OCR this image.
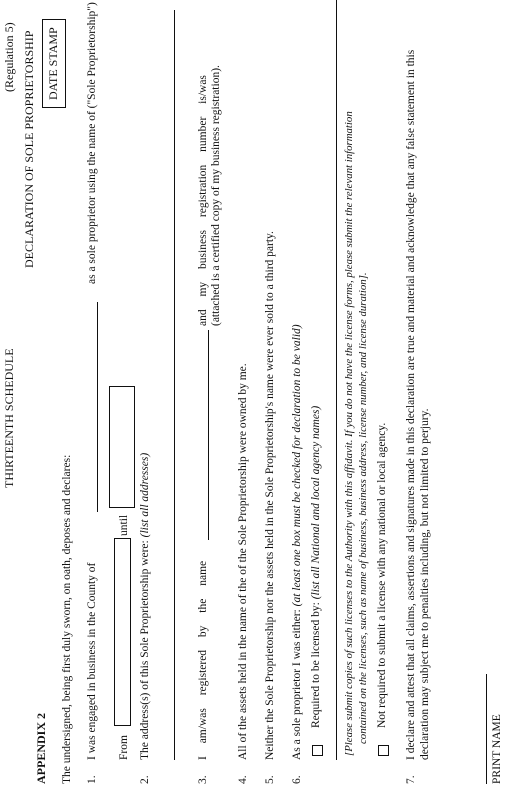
THIRTEENTH SCHEDULE
(Regulation 5) DECLARATION OF SOLE PROPRIETORSHIP DATE STAMP
APPENDIX 2 The undersigned, being first duly sworn, on oath, deposes and declares: 1.
I was engaged in business in the County of
as a sole proprietor using the name of ("Sole Proprietorship")
From
until
2.
The address(s) of this Sole Proprietorship were: (list all addresses)
3.
I am/was registered by the name
and my business registration number is/was (attached is a certified copy of my business registration).
4.
All of the assets held in the name of the of the Sole Proprietorship were owned by me.
5.
Neither the Sole Proprietorship nor the assets held in the Sole Proprietorship's name were ever sold to a third party.
6.
As a sole proprietor I was either: (at least one box must be checked for declaration to be valid)
Required to be licensed by: (list all National and local agency names) [Please submit copies of such licenses to the Authority with this affidavit. If you do not have the license forms, please submit the relevant information contained on the licenses, such as name of business, business address, license number, and license duration]. Not required to submit a license with any national or local agency.
7.
I declare and attest that all claims, assertions and signatures made in this declaration are true and material and acknowledge that any false statement in this declaration may subject me to penalties including, but not limited to perjury.	PRINT NAME
